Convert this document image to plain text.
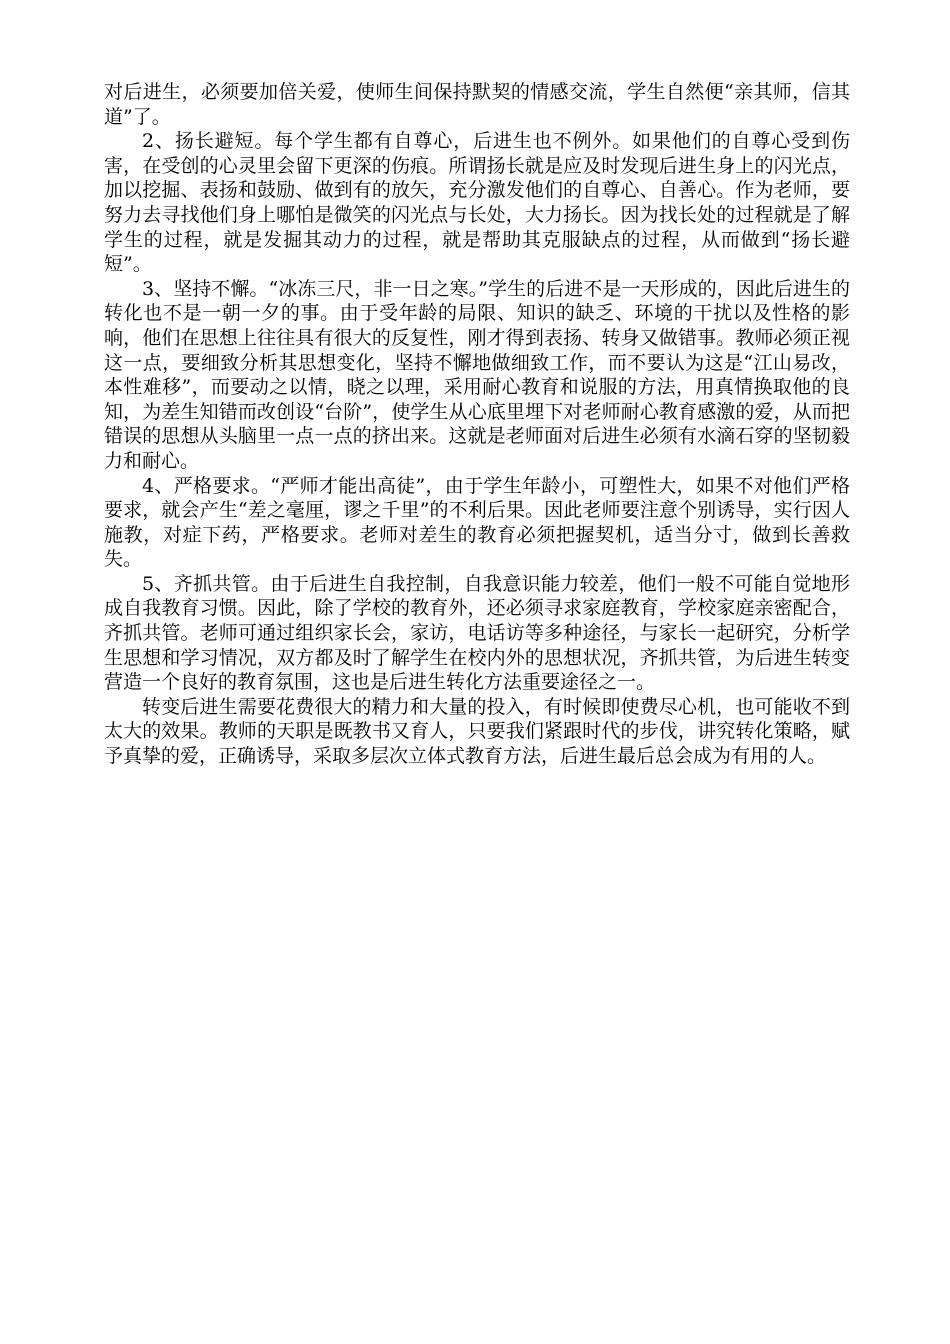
对后进生，必须要加倍关爱，使师生间保持默契的情感交流，学生自然便“亲其师，信其道”了。

2、扬长避短。每个学生都有自尊心，后进生也不例外。如果他们的自尊心受到伤害，在受创的心灵里会留下更深的伤痕。所谓扬长就是应及时发现后进生身上的闪光点，加以挖掘、表扬和鼓励、做到有的放矢，充分激发他们的自尊心、自善心。作为老师，要努力去寻找他们身上哪怕是微笑的闪光点与长处，大力扬长。因为找长处的过程就是了解学生的过程，就是发掘其动力的过程，就是帮助其克服缺点的过程，从而做到“扬长避短”。

3、坚持不懈。“冰冻三尺，非一日之寒。”学生的后进不是一天形成的，因此后进生的转化也不是一朝一夕的事。由于受年龄的局限、知识的缺乏、环境的干扰以及性格的影响，他们在思想上往往具有很大的反复性，刚才得到表扬、转身又做错事。教师必须正视这一点，要细致分析其思想变化，坚持不懈地做细致工作，而不要认为这是“江山易改，本性难移”，而要动之以情，晓之以理，采用耐心教育和说服的方法，用真情换取他的良知，为差生知错而改创设“台阶”，使学生从心底里埋下对老师耐心教育感激的爱，从而把错误的思想从头脑里一点一点的挤出来。这就是老师面对后进生必须有水滴石穿的坚韧毅力和耐心。

4、严格要求。“严师才能出高徒”，由于学生年龄小，可塑性大，如果不对他们严格要求，就会产生“差之毫厘，谬之千里”的不利后果。因此老师要注意个别诱导，实行因人施教，对症下药，严格要求。老师对差生的教育必须把握契机，适当分寸，做到长善救失。

5、齐抓共管。由于后进生自我控制，自我意识能力较差，他们一般不可能自觉地形成自我教育习惯。因此，除了学校的教育外，还必须寻求家庭教育，学校家庭亲密配合，齐抓共管。老师可通过组织家长会，家访，电话访等多种途径，与家长一起研究，分析学生思想和学习情况，双方都及时了解学生在校内外的思想状况，齐抓共管，为后进生转变营造一个良好的教育氛围，这也是后进生转化方法重要途径之一。

转变后进生需要花费很大的精力和大量的投入，有时候即使费尽心机，也可能收不到太大的效果。教师的天职是既教书又育人，只要我们紧跟时代的步伐，讲究转化策略，赋予真挚的爱，正确诱导，采取多层次立体式教育方法，后进生最后总会成为有用的人。
